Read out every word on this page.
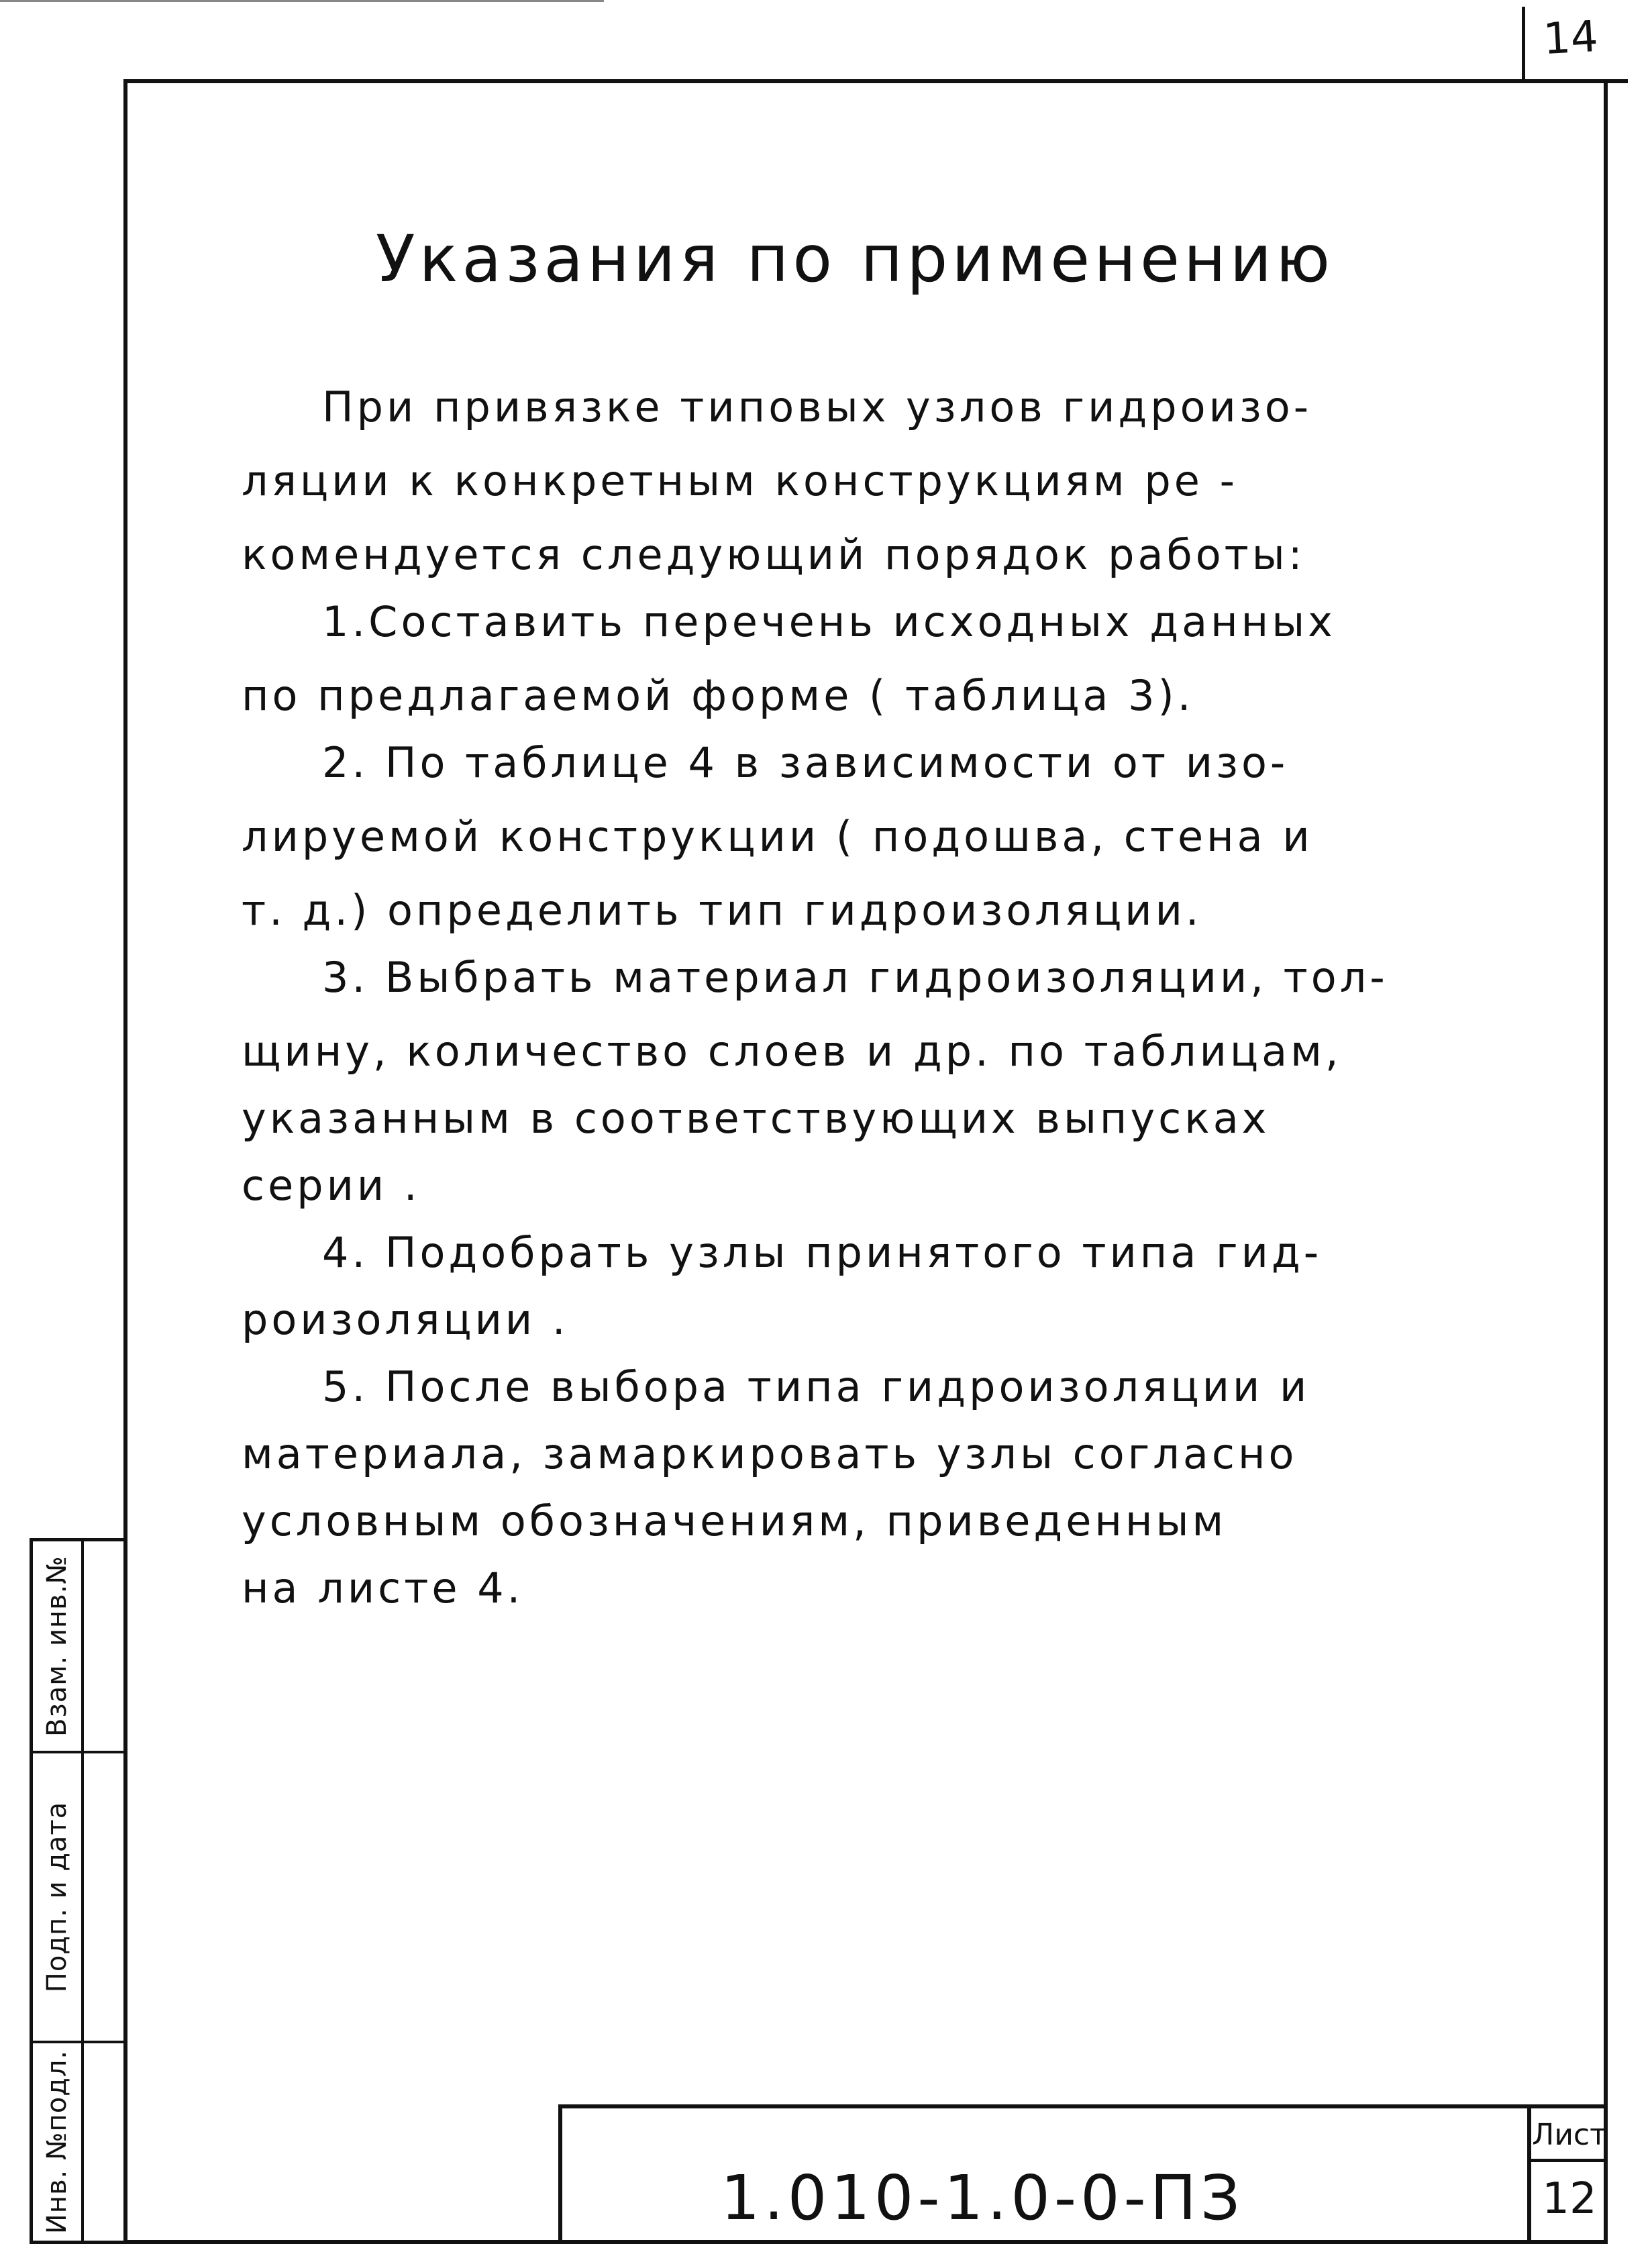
14
Взам. инв.№
Подп. и дата
Инв. №подл.
Указания по применению
При привязке типовых узлов гидроизо-
ляции к конкретным конструкциям ре -
комендуется следующий порядок работы:
1.Составить перечень исходных данных
по предлагаемой форме ( таблица 3).
2. По таблице 4 в зависимости от изо-
лируемой конструкции ( подошва, стена и
т. д.) определить тип гидроизоляции.
3. Выбрать материал гидроизоляции, тол-
щину, количество слоев и др. по таблицам,
указанным в соответствующих выпусках
серии .
4. Подобрать узлы принятого типа гид-
роизоляции .
5. После выбора типа гидроизоляции и
материала, замаркировать узлы согласно
условным обозначениям, приведенным
на листе 4.
1.010-1.0-0-ПЗ
Лист
12
